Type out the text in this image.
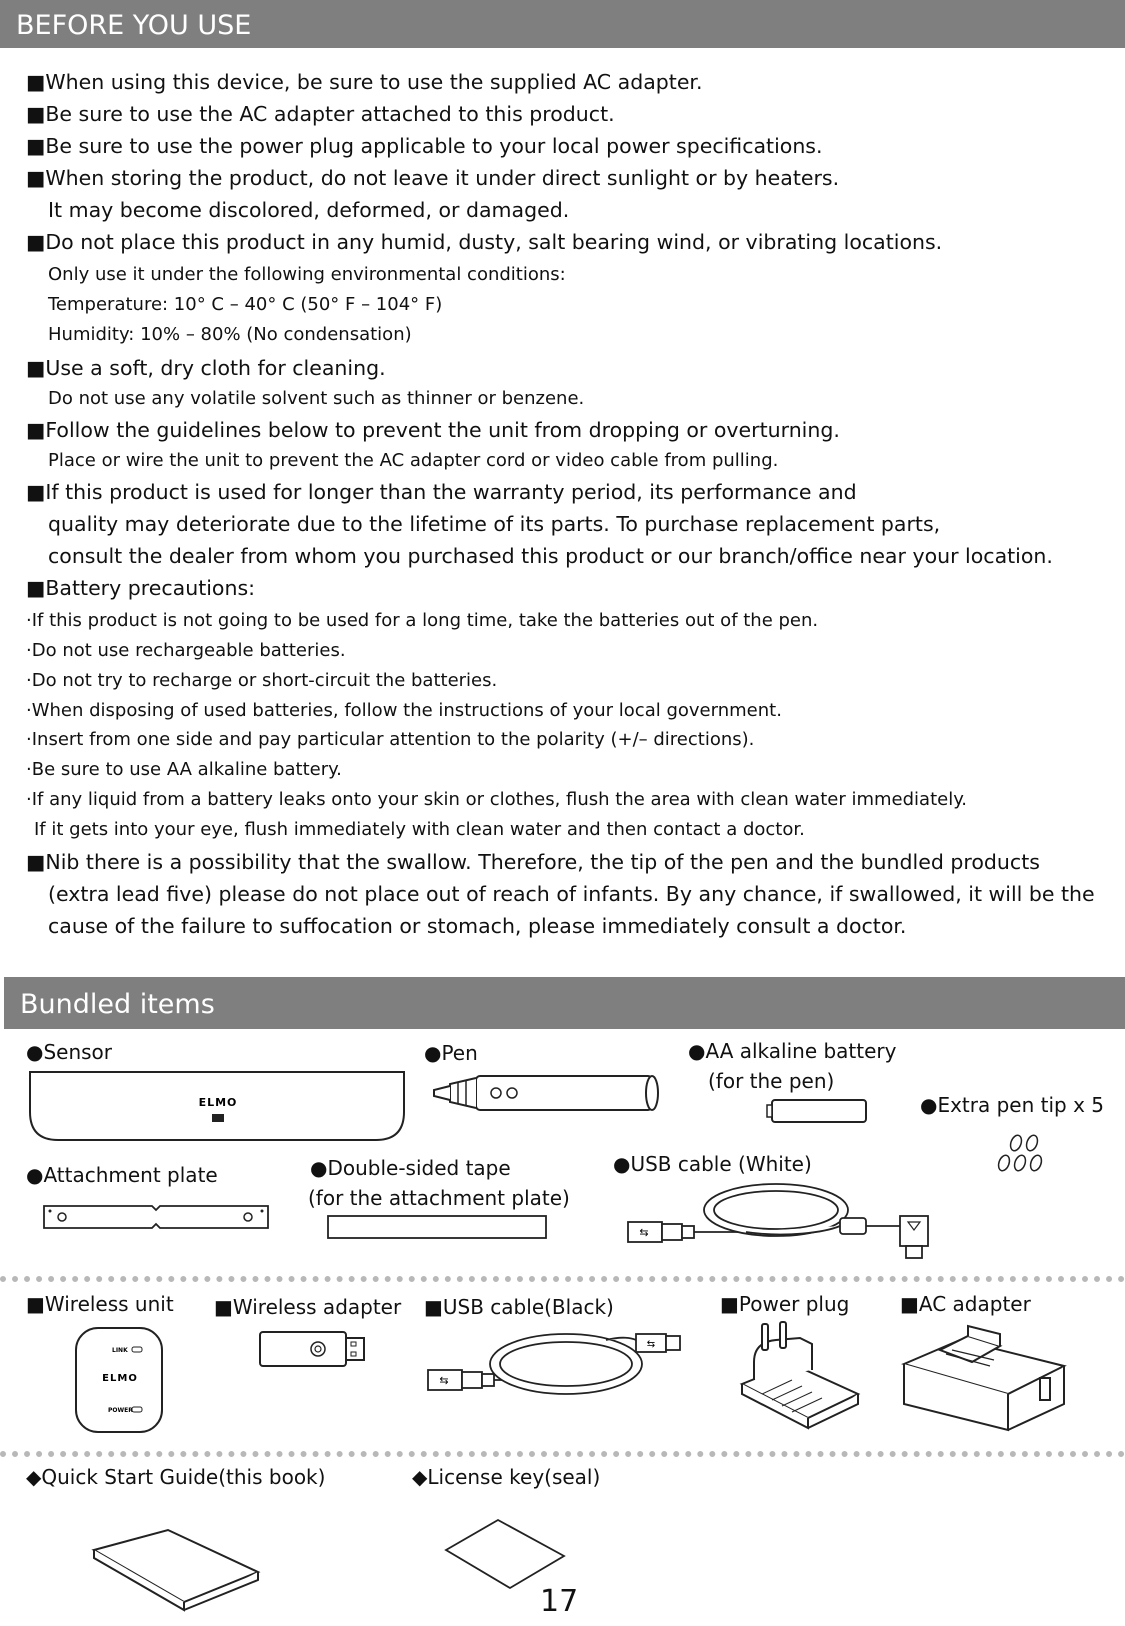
BEFORE YOU USE
■When using this device, be sure to use the supplied AC adapter.
■Be sure to use the AC adapter attached to this product.
■Be sure to use the power plug applicable to your local power specifications.
■When storing the product, do not leave it under direct sunlight or by heaters.
It may become discolored, deformed, or damaged.
■Do not place this product in any humid, dusty, salt bearing wind, or vibrating locations.
Only use it under the following environmental conditions:
Temperature: 10° C – 40° C (50° F – 104° F)
Humidity: 10% – 80% (No condensation)
■Use a soft, dry cloth for cleaning.
Do not use any volatile solvent such as thinner or benzene.
■Follow the guidelines below to prevent the unit from dropping or overturning.
Place or wire the unit to prevent the AC adapter cord or video cable from pulling.
■If this product is used for longer than the warranty period, its performance and
quality may deteriorate due to the lifetime of its parts. To purchase replacement parts,
consult the dealer from whom you purchased this product or our branch/office near your location.
■Battery precautions:
·If this product is not going to be used for a long time, take the batteries out of the pen.
·Do not use rechargeable batteries.
·Do not try to recharge or short-circuit the batteries.
·When disposing of used batteries, follow the instructions of your local government.
·Insert from one side and pay particular attention to the polarity (+/– directions).
·Be sure to use AA alkaline battery.
·If any liquid from a battery leaks onto your skin or clothes, flush the area with clean water immediately.
If it gets into your eye, flush immediately with clean water and then contact a doctor.
■Nib there is a possibility that the swallow. Therefore, the tip of the pen and the bundled products
(extra lead five) please do not place out of reach of infants. By any chance, if swallowed, it will be the
cause of the failure to suffocation or stomach, please immediately consult a doctor.
Bundled items
●Sensor	●Pen	●AA alkaline battery
(for the pen)
●Extra pen tip x 5
●Attachment plate	●Double-sided tape
(for the attachment plate)
●USB cable (White)
ELMO
⇆
■Wireless unit ■Wireless adapter ■USB cable(Black)	■Power plug	■AC adapter
LINK
ELMO
POWER
⇆
⇆
◆Quick Start Guide(this book)	◆License key(seal)
17
